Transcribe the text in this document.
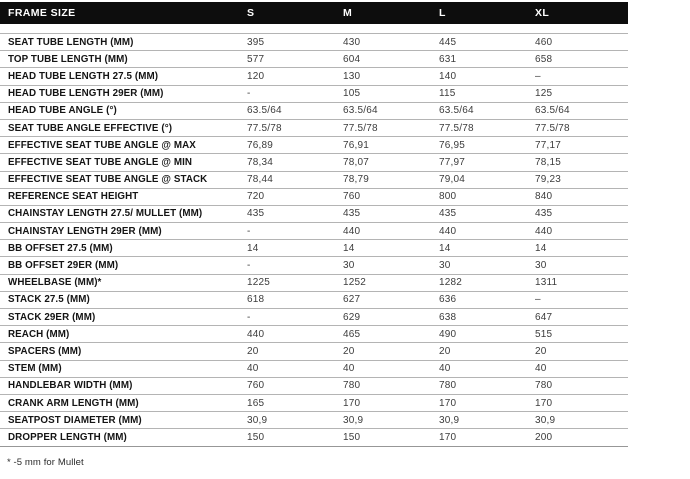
FRAME SIZE	S	M	L	XL
SEAT TUBE LENGTH (MM)	395	430	445	460
TOP TUBE LENGTH (MM)	577	604	631	658
HEAD TUBE LENGTH 27.5 (MM)	120	130	140	–
HEAD TUBE LENGTH 29ER (MM)	-	105	115	125
HEAD TUBE ANGLE (°)	63.5/64	63.5/64	63.5/64	63.5/64
SEAT TUBE ANGLE EFFECTIVE (°)	77.5/78	77.5/78	77.5/78	77.5/78
EFFECTIVE SEAT TUBE ANGLE @ MAX	76,89	76,91	76,95	77,17
EFFECTIVE SEAT TUBE ANGLE @ MIN	78,34	78,07	77,97	78,15
EFFECTIVE SEAT TUBE ANGLE @ STACK	78,44	78,79	79,04	79,23
REFERENCE SEAT HEIGHT	720	760	800	840
CHAINSTAY LENGTH 27.5/ MULLET (MM)	435	435	435	435
CHAINSTAY LENGTH 29ER (MM)	-	440	440	440
BB OFFSET 27.5 (MM)	14	14	14	14
BB OFFSET 29ER (MM)	-	30	30	30
WHEELBASE (MM)*	1225	1252	1282	1311
STACK 27.5 (MM)	618	627	636	–
STACK 29ER (MM)	-	629	638	647
REACH (MM)	440	465	490	515
SPACERS (MM)	20	20	20	20
STEM (MM)	40	40	40	40
HANDLEBAR WIDTH (MM)	760	780	780	780
CRANK ARM LENGTH (MM)	165	170	170	170
SEATPOST DIAMETER (MM)	30,9	30,9	30,9	30,9
DROPPER LENGTH (MM)	150	150	170	200
* -5 mm for Mullet
